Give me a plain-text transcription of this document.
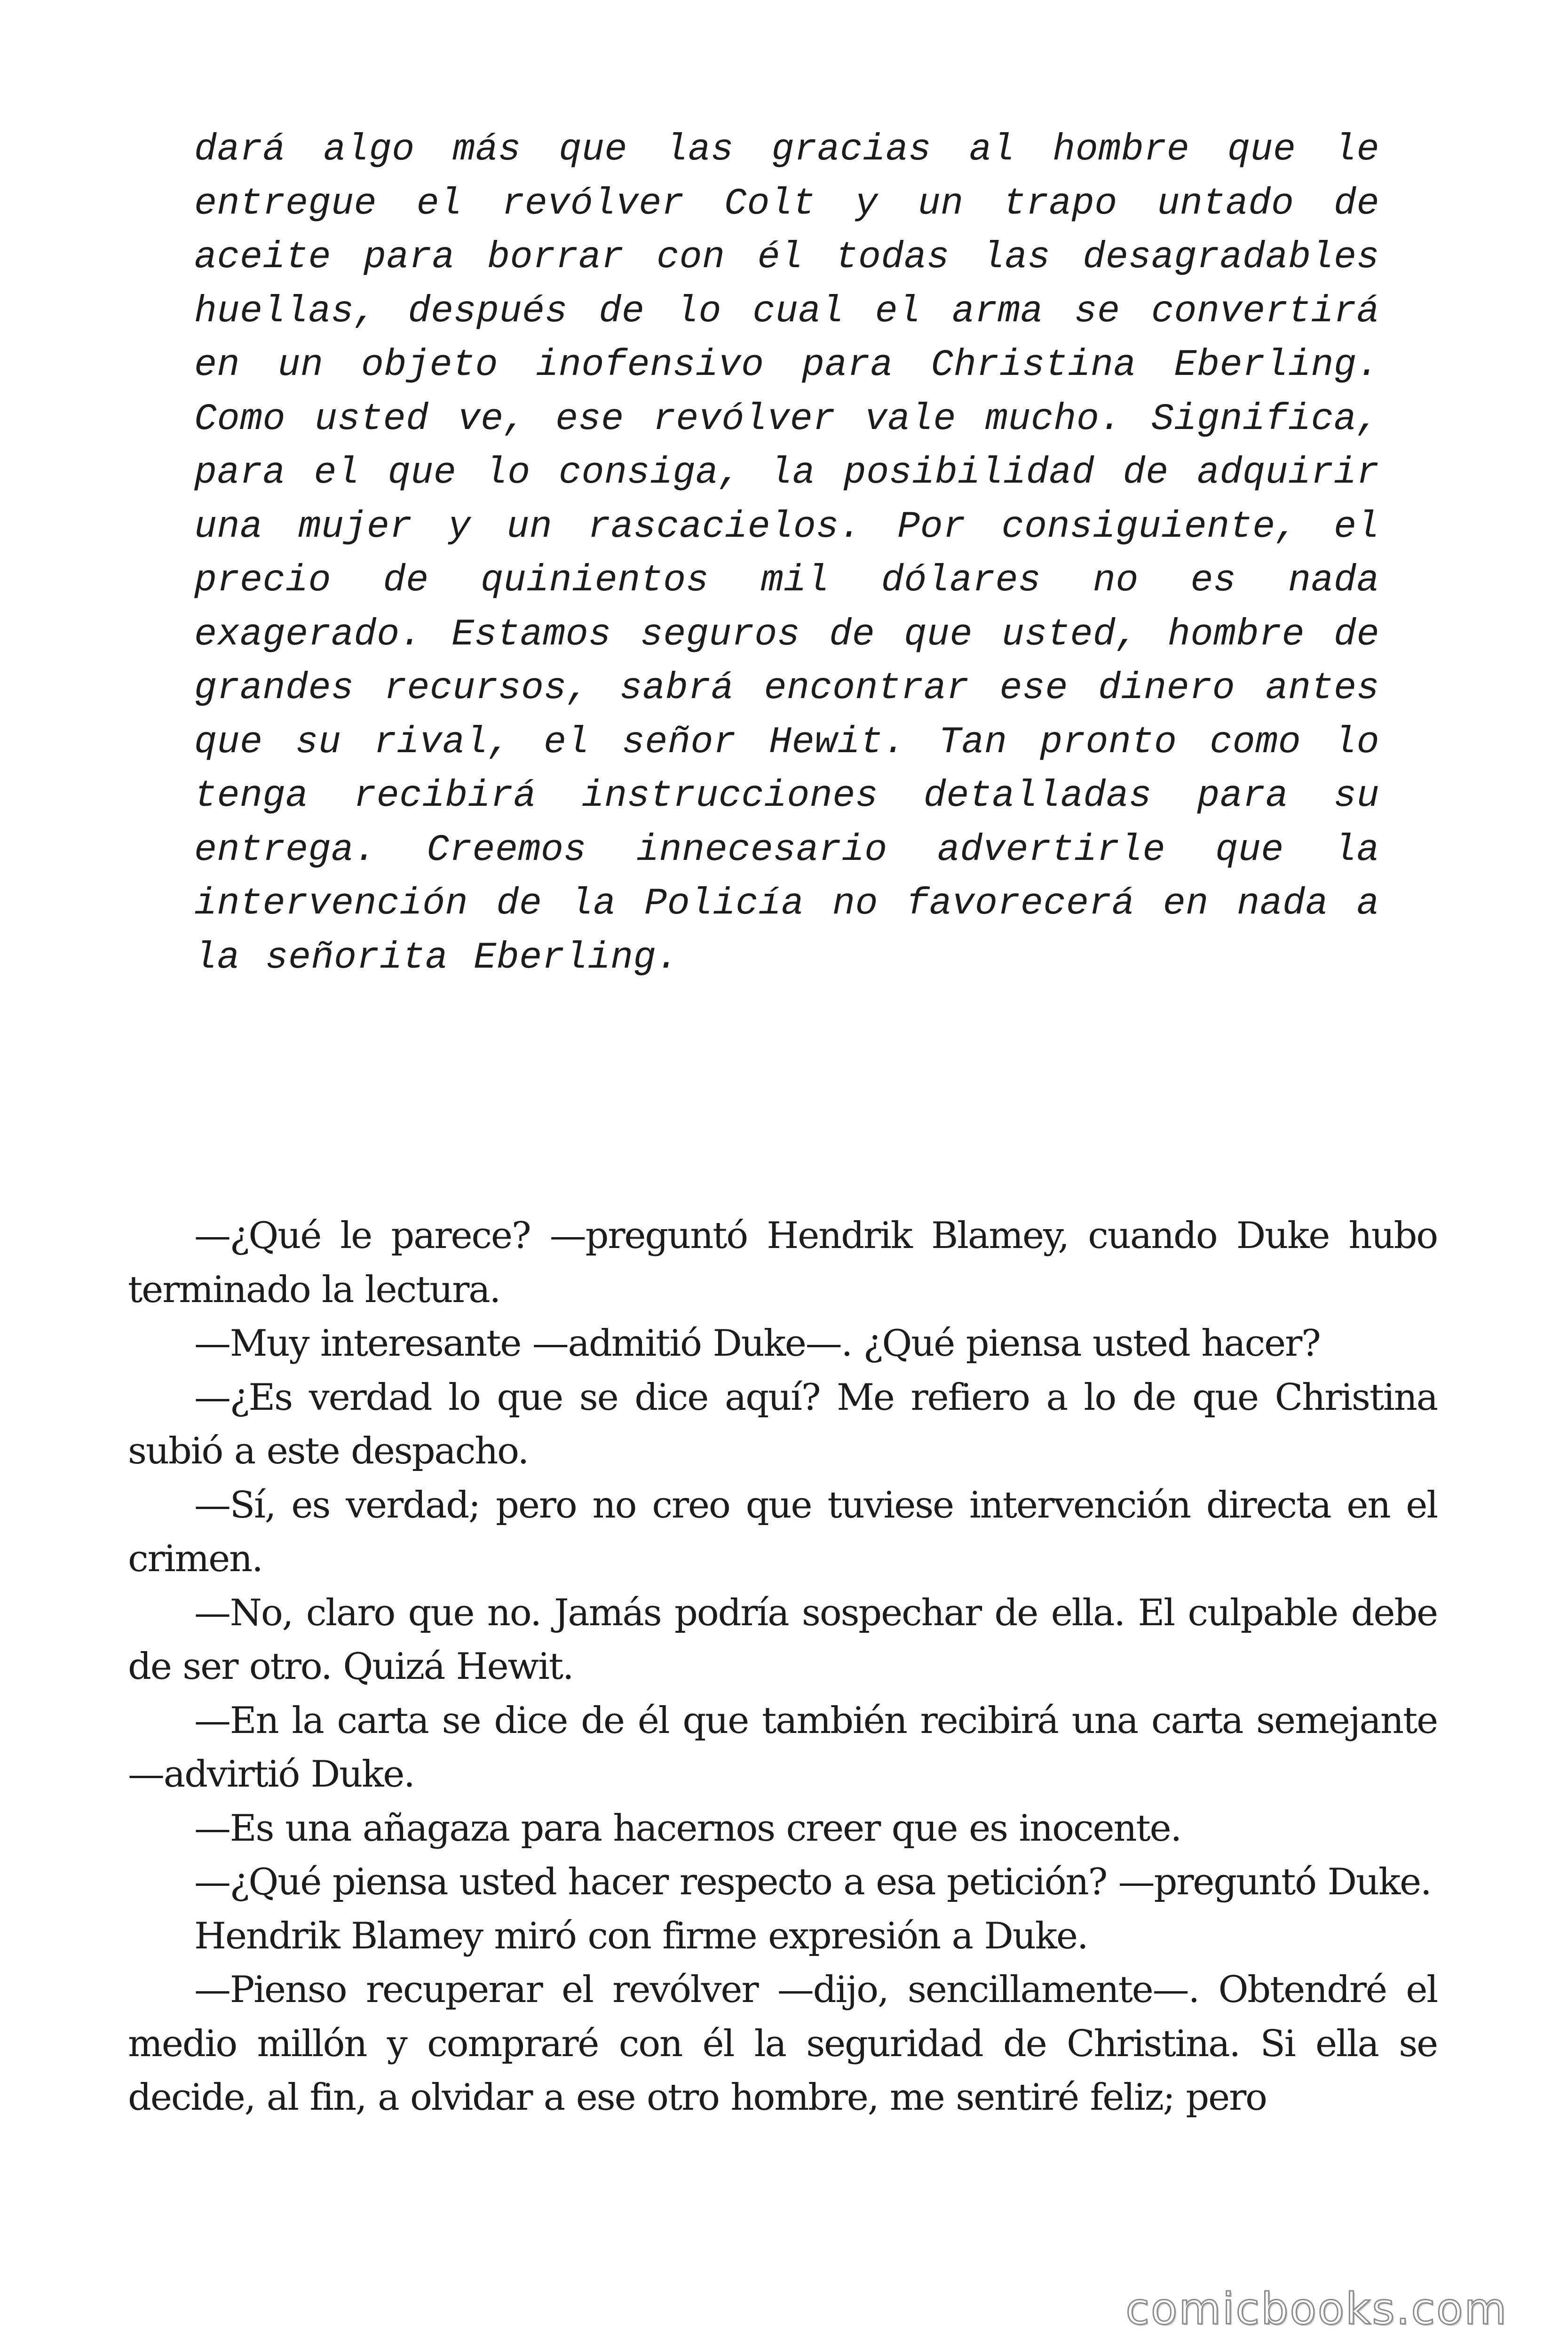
dará algo más que las gracias al hombre que le entregue el revólver Colt y un trapo untado de aceite para borrar con él todas las desagradables huellas, después de lo cual el arma se convertirá en un objeto inofensivo para Christina Eberling. Como usted ve, ese revólver vale mucho. Significa, para el que lo consiga, la posibilidad de adquirir una mujer y un rascacielos. Por consiguiente, el precio de quinientos mil dólares no es nada exagerado. Estamos seguros de que usted, hombre de grandes recursos, sabrá encontrar ese dinero antes que su rival, el señor Hewit. Tan pronto como lo tenga recibirá instrucciones detalladas para su entrega. Creemos innecesario advertirle que la intervención de la Policía no favorecerá en nada a la señorita Eberling.

—¿Qué le parece? —preguntó Hendrik Blamey, cuando Duke hubo terminado la lectura.

—Muy interesante —admitió Duke—. ¿Qué piensa usted hacer?

—¿Es verdad lo que se dice aquí? Me refiero a lo de que Christina subió a este despacho.

—Sí, es verdad; pero no creo que tuviese intervención directa en el crimen.

—No, claro que no. Jamás podría sospechar de ella. El culpable debe de ser otro. Quizá Hewit.

—En la carta se dice de él que también recibirá una carta semejante —advirtió Duke.

—Es una añagaza para hacernos creer que es inocente.

—¿Qué piensa usted hacer respecto a esa petición? —preguntó Duke.

Hendrik Blamey miró con firme expresión a Duke.

—Pienso recuperar el revólver —dijo, sencillamente—. Obtendré el medio millón y compraré con él la seguridad de Christina. Si ella se decide, al fin, a olvidar a ese otro hombre, me sentiré feliz; pero

comicbooks.com
